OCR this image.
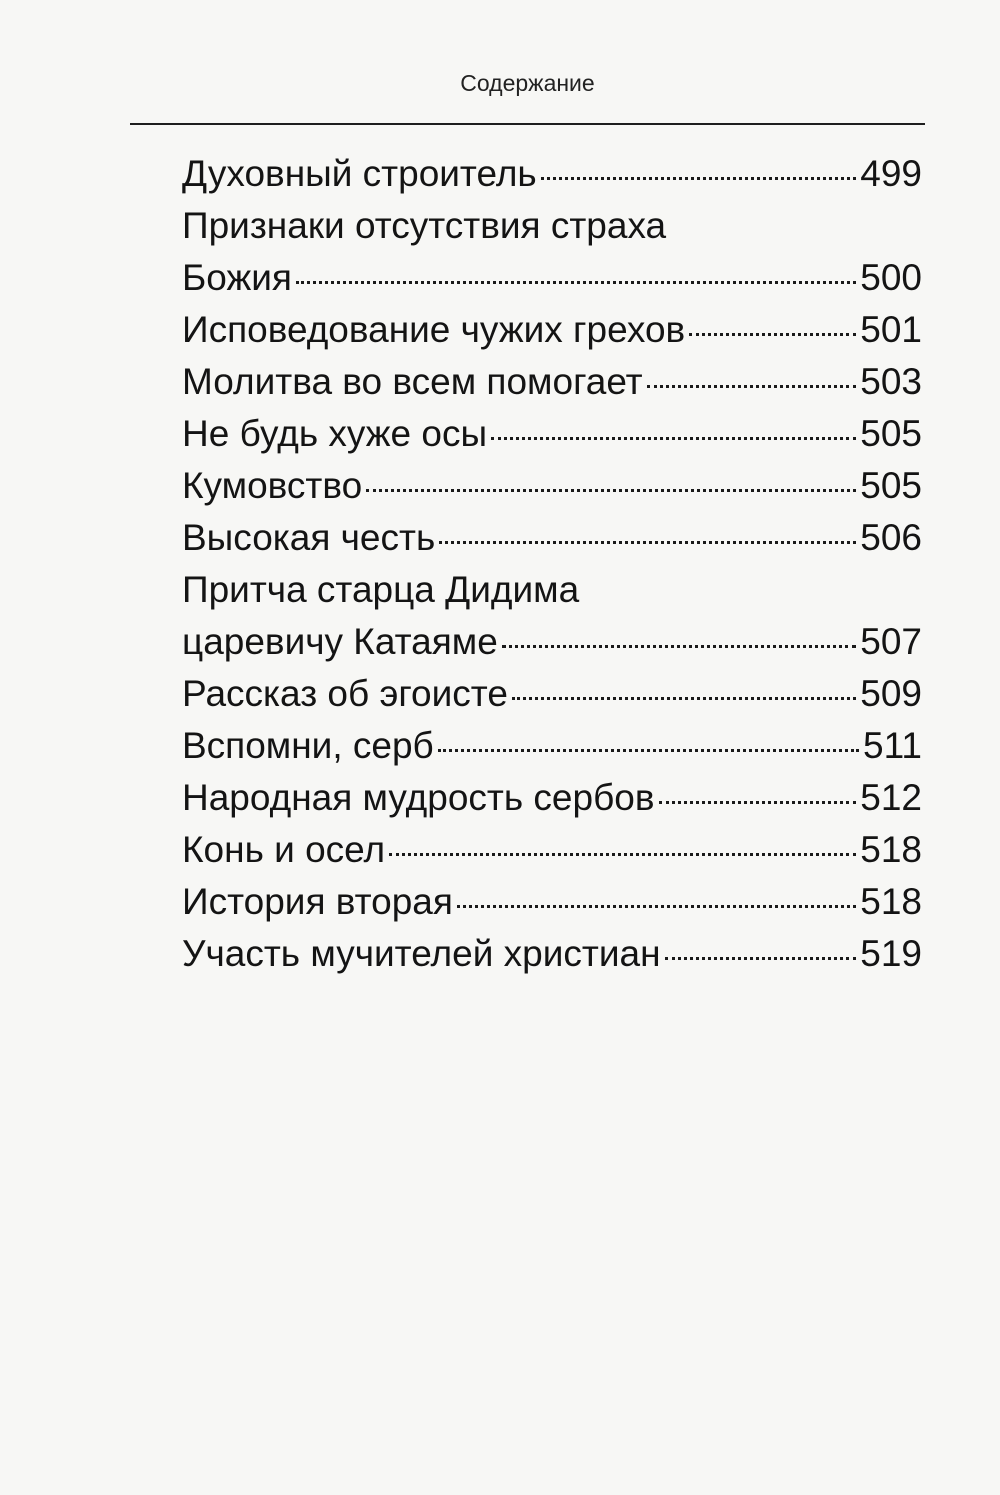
Содержание
Духовный строитель	499
Признаки отсутствия страха
Божия	500
Исповедование чужих грехов	501
Молитва во всем помогает	503
Не будь хуже осы	505
Кумовство	505
Высокая честь	506
Притча старца Дидима
царевичу Катаяме	507
Рассказ об эгоисте	509
Вспомни, серб	511
Народная мудрость сербов	512
Конь и осел	518
История вторая	518
Участь мучителей христиан	519
